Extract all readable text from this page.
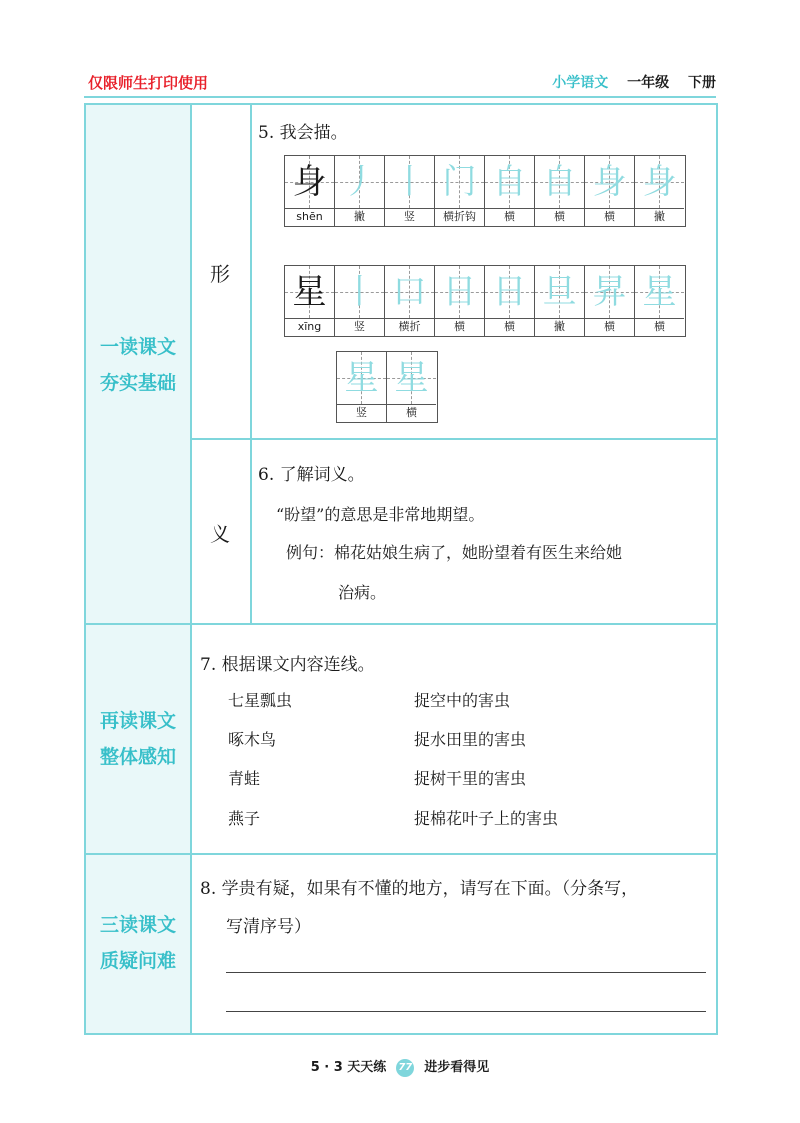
仅限师生打印使用	小学语文 一年级 下册
一读课文
夯实基础
再读课文
整体感知
三读课文
质疑问难
形
5. 我会描。
身
shēn
丿
撇
丨
竖
门
横折钩
自
横
自
横
身
横
身
撇
星
xīng
丨
竖
口
横折
日
横
日
横
旦
撇
昇
横
星
横
星
竖
星
横
义
6. 了解词义。
“盼望”的意思是非常地期望。
例句：棉花姑娘生病了，她盼望着有医生来给她
治病。
7. 根据课文内容连线。
七星瓢虫
啄木鸟
青蛙
燕子
捉空中的害虫
捉水田里的害虫
捉树干里的害虫
捉棉花叶子上的害虫
8. 学贵有疑，如果有不懂的地方，请写在下面。（分条写，
写清序号）
5 · 3 天天练 77 进步看得见
